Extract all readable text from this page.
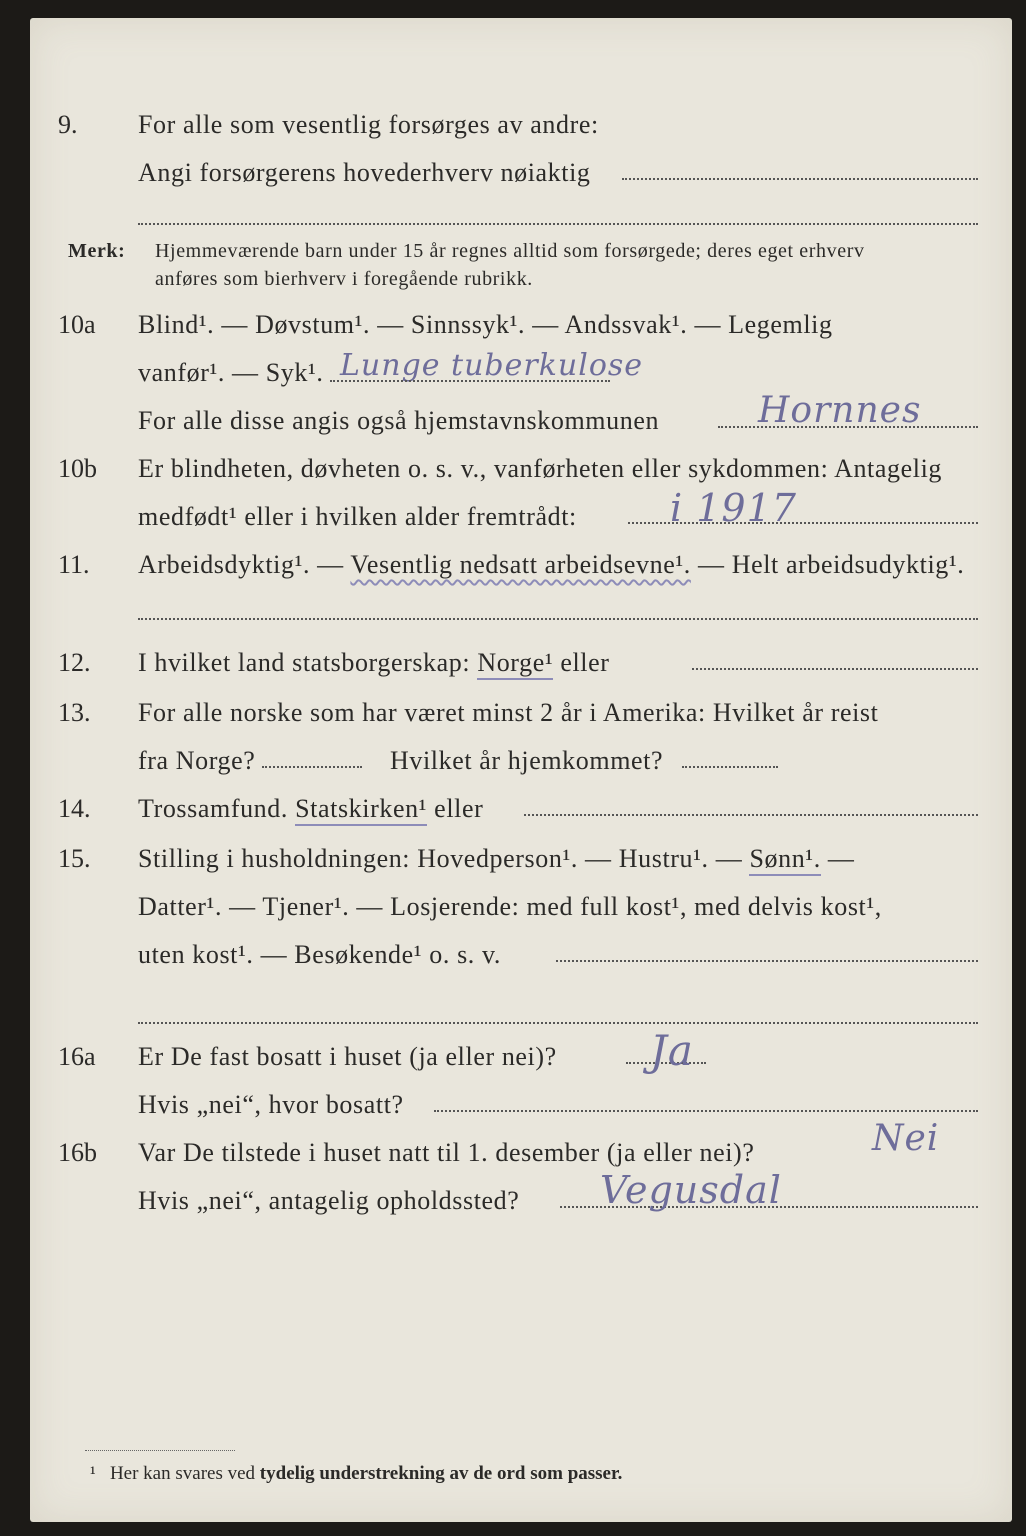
9. For alle som vesentlig forsørges av andre:
Angi forsørgerens hovederhverv nøiaktig
Merk: Hjemmeværende barn under 15 år regnes alltid som forsørgede; deres eget erhverv
anføres som bierhverv i foregående rubrikk.
10a Blind¹. — Døvstum¹. — Sinnssyk¹. — Andssvak¹. — Legemlig
vanfør¹. — Syk¹. Lunge tuberkulose
For alle disse angis også hjemstavnskommunen	Hornnes
10b Er blindheten, døvheten o. s. v., vanførheten eller sykdommen: Antagelig
medfødt¹ eller i hvilken alder fremtrådt: i 1917
11. Arbeidsdyktig¹. — Vesentlig nedsatt arbeidsevne¹. — Helt arbeidsudyktig¹.
12. I hvilket land statsborgerskap: Norge¹ eller
13. For alle norske som har været minst 2 år i Amerika: Hvilket år reist
fra Norge?	Hvilket år hjemkommet?
14. Trossamfund. Statskirken¹ eller
15. Stilling i husholdningen: Hovedperson¹. — Hustru¹. — Sønn¹. —
Datter¹. — Tjener¹. — Losjerende: med full kost¹, med delvis kost¹,
uten kost¹. — Besøkende¹ o. s. v.
16a Er De fast bosatt i huset (ja eller nei)? Ja
Hvis „nei“, hvor bosatt?
16b Var De tilstede i huset natt til 1. desember (ja eller nei)?	Nei
Hvis „nei“, antagelig opholdssted? Vegusdal
¹ Her kan svares ved tydelig understrekning av de ord som passer.
